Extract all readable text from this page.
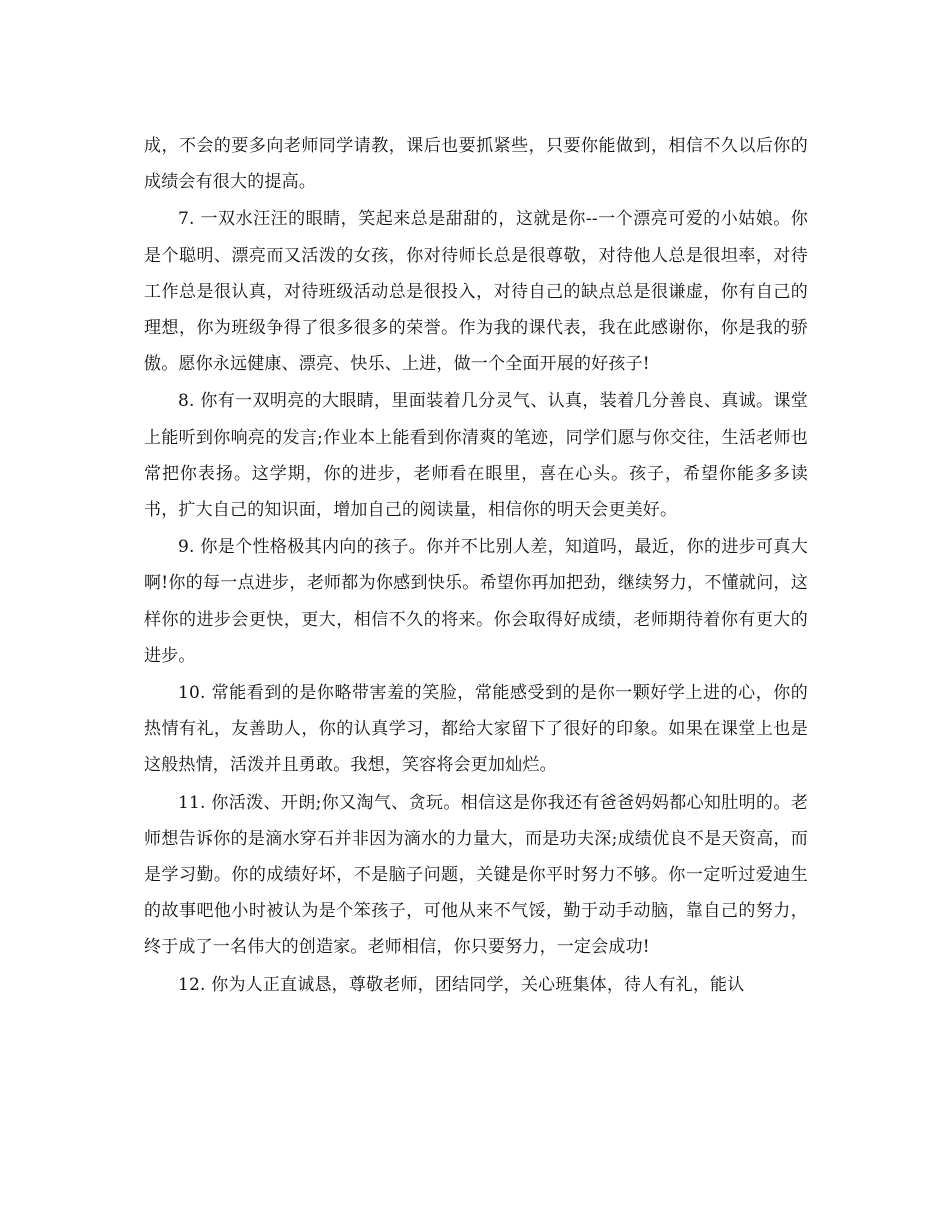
成，不会的要多向老师同学请教，课后也要抓紧些，只要你能做到，相信不久以后你的成绩会有很大的提高。

7. 一双水汪汪的眼睛，笑起来总是甜甜的，这就是你--一个漂亮可爱的小姑娘。你是个聪明、漂亮而又活泼的女孩，你对待师长总是很尊敬，对待他人总是很坦率，对待工作总是很认真，对待班级活动总是很投入，对待自己的缺点总是很谦虚，你有自己的理想，你为班级争得了很多很多的荣誉。作为我的课代表，我在此感谢你，你是我的骄傲。愿你永远健康、漂亮、快乐、上进，做一个全面开展的好孩子!

8. 你有一双明亮的大眼睛，里面装着几分灵气、认真，装着几分善良、真诚。课堂上能听到你响亮的发言;作业本上能看到你清爽的笔迹，同学们愿与你交往，生活老师也常把你表扬。这学期，你的进步，老师看在眼里，喜在心头。孩子，希望你能多多读书，扩大自己的知识面，增加自己的阅读量，相信你的明天会更美好。

9. 你是个性格极其内向的孩子。你并不比别人差，知道吗，最近，你的进步可真大啊!你的每一点进步，老师都为你感到快乐。希望你再加把劲，继续努力，不懂就问，这样你的进步会更快，更大，相信不久的将来。你会取得好成绩，老师期待着你有更大的进步。

10. 常能看到的是你略带害羞的笑脸，常能感受到的是你一颗好学上进的心，你的热情有礼，友善助人，你的认真学习，都给大家留下了很好的印象。如果在课堂上也是这般热情，活泼并且勇敢。我想，笑容将会更加灿烂。

11. 你活泼、开朗;你又淘气、贪玩。相信这是你我还有爸爸妈妈都心知肚明的。老师想告诉你的是滴水穿石并非因为滴水的力量大，而是功夫深;成绩优良不是天资高，而是学习勤。你的成绩好坏，不是脑子问题，关键是你平时努力不够。你一定听过爱迪生的故事吧他小时被认为是个笨孩子，可他从来不气馁，勤于动手动脑，靠自己的努力，终于成了一名伟大的创造家。老师相信，你只要努力，一定会成功!

12. 你为人正直诚恳，尊敬老师，团结同学，关心班集体，待人有礼，能认
